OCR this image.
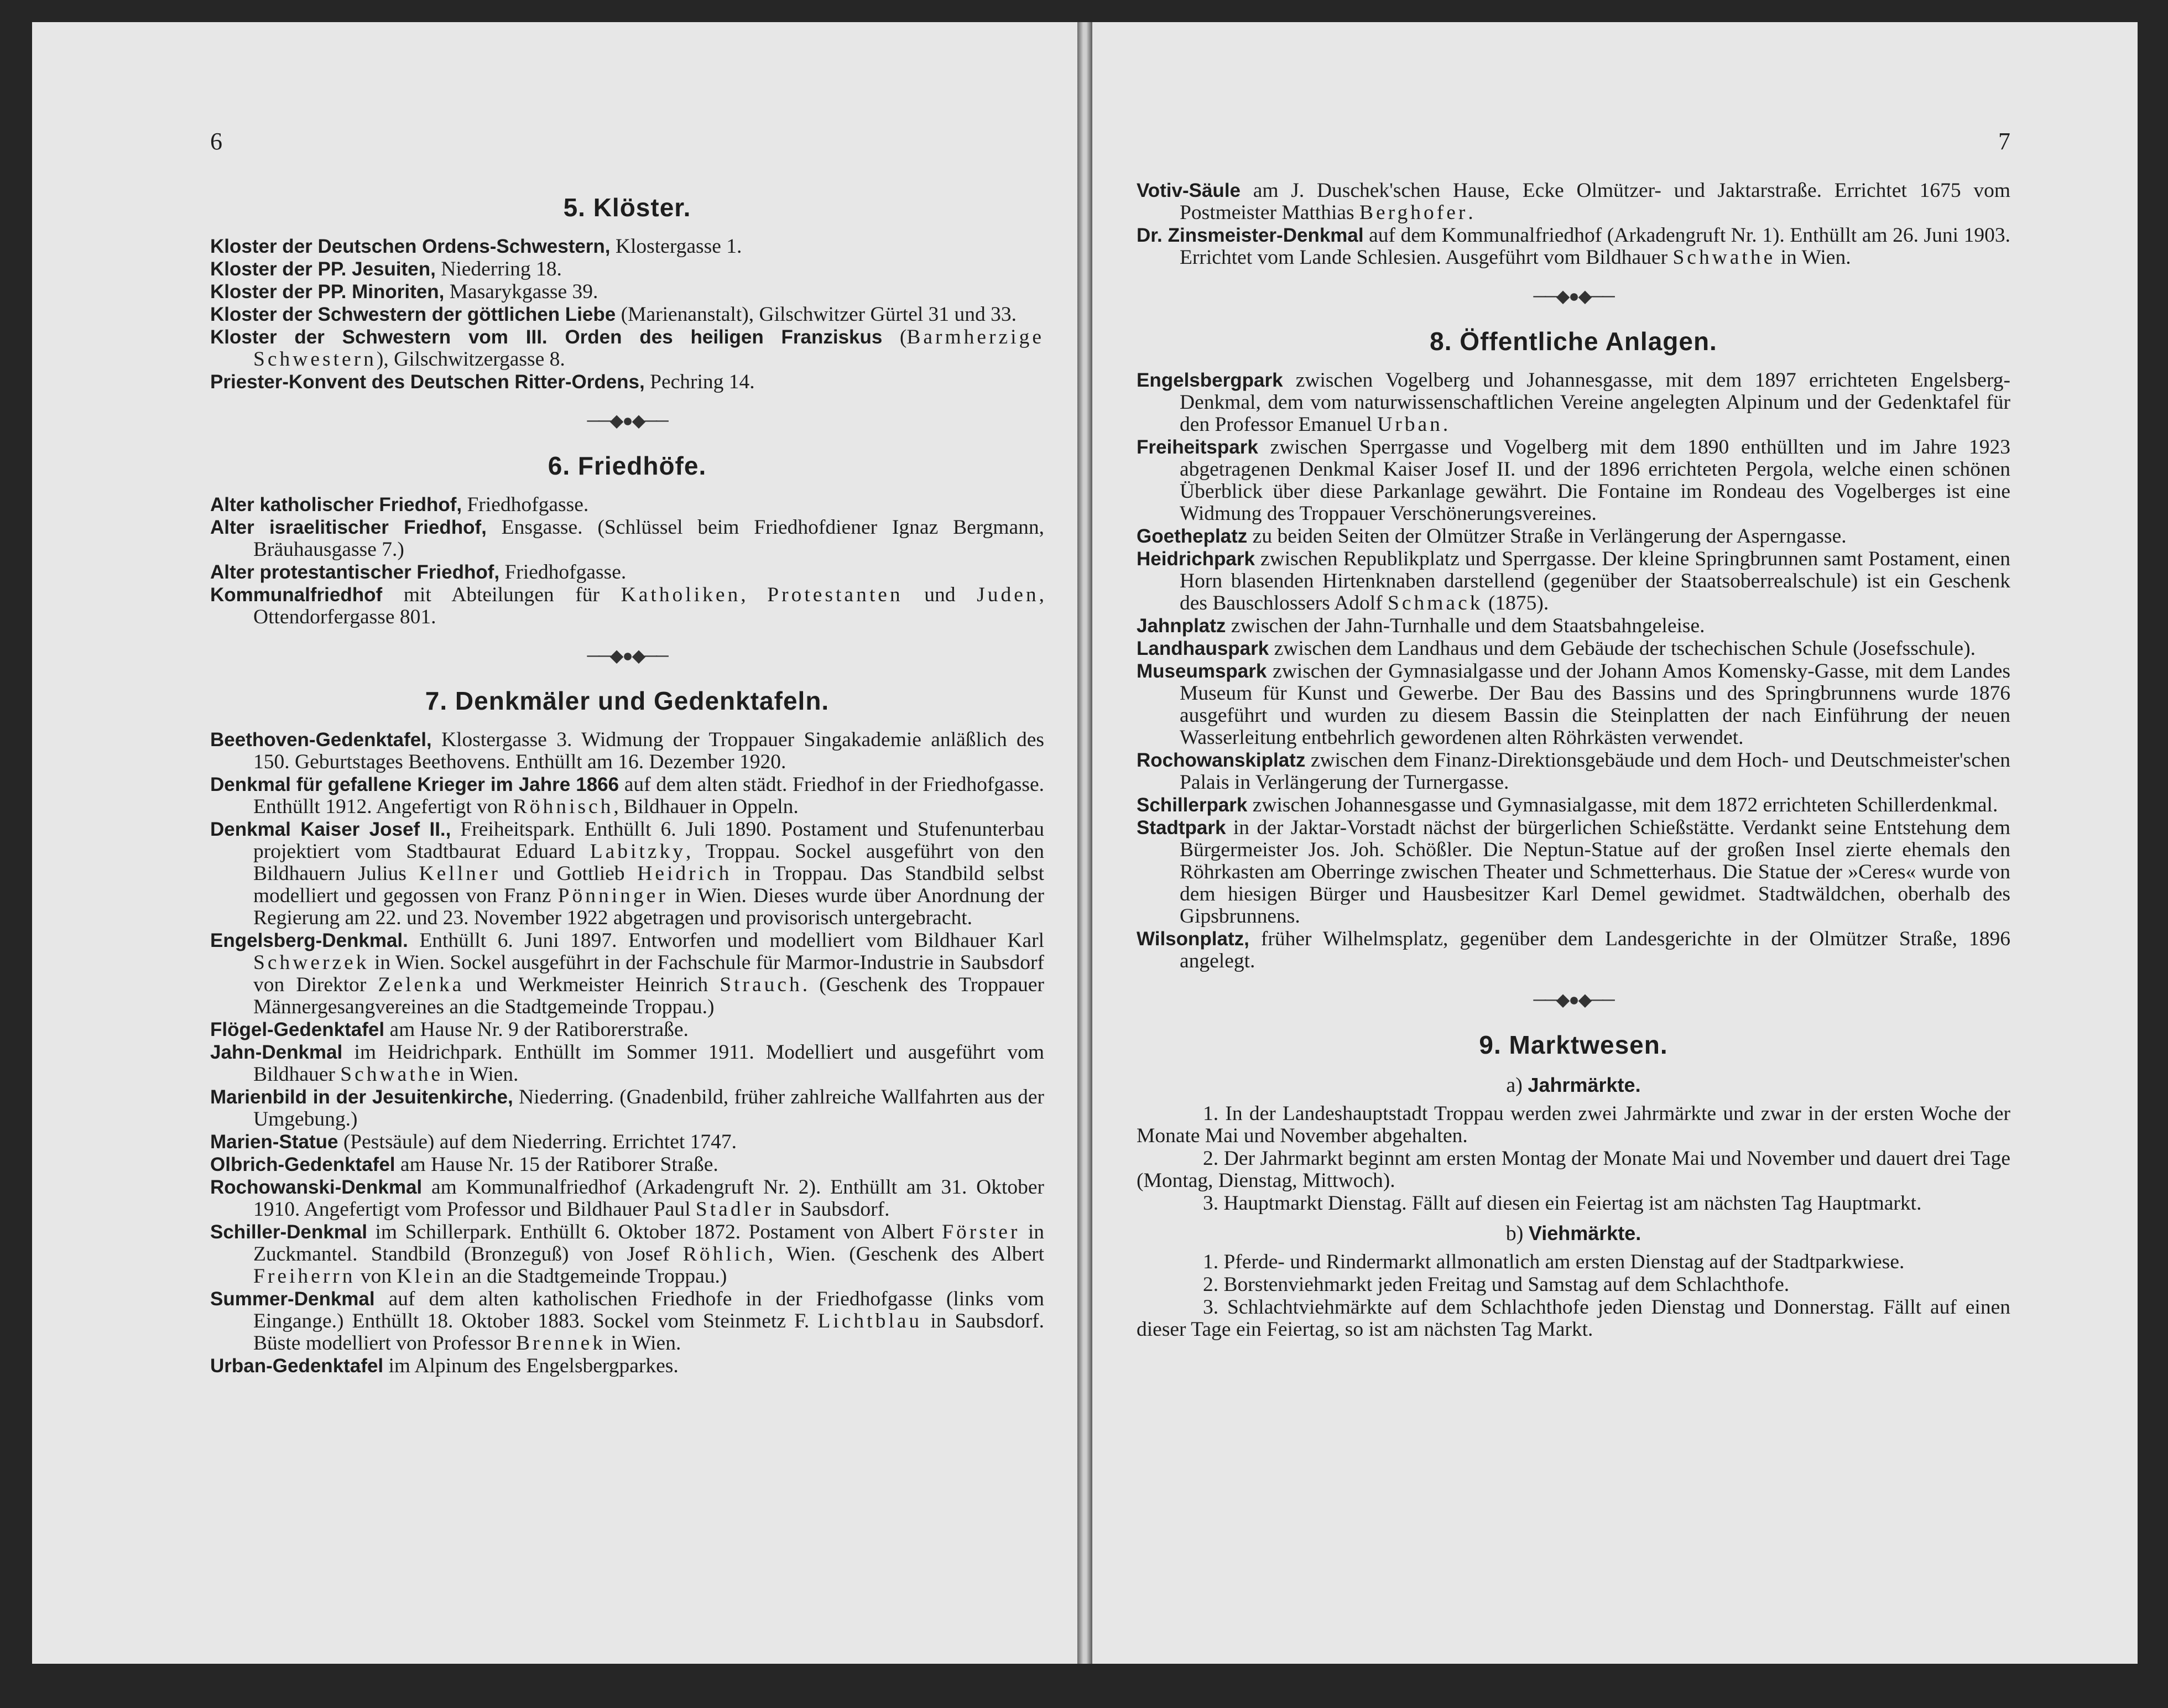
6
5. Klöster.

Kloster der Deutschen Ordens-Schwestern, Klostergasse 1.

Kloster der PP. Jesuiten, Niederring 18.

Kloster der PP. Minoriten, Masarykgasse 39.

Kloster der Schwestern der göttlichen Liebe (Marienanstalt), Gilschwitzer Gürtel 31 und 33.

Kloster der Schwestern vom III. Orden des heiligen Franziskus (Barmherzige Schwestern), Gilschwitzergasse 8.

Priester-Konvent des Deutschen Ritter-Ordens, Pechring 14.

──◆●◆──
6. Friedhöfe.

Alter katholischer Friedhof, Friedhofgasse.

Alter israelitischer Friedhof, Ensgasse. (Schlüssel beim Friedhofdiener Ignaz Bergmann, Bräuhausgasse 7.)

Alter protestantischer Friedhof, Friedhofgasse.

Kommunalfriedhof mit Abteilungen für Katholiken, Protestanten und Juden, Ottendorfergasse 801.

──◆●◆──
7. Denkmäler und Gedenktafeln.

Beethoven-Gedenktafel, Klostergasse 3. Widmung der Troppauer Singakademie anläßlich des 150. Geburtstages Beethovens. Enthüllt am 16. Dezember 1920.

Denkmal für gefallene Krieger im Jahre 1866 auf dem alten städt. Friedhof in der Friedhofgasse. Enthüllt 1912. Angefertigt von Röhnisch, Bildhauer in Oppeln.

Denkmal Kaiser Josef II., Freiheitspark. Enthüllt 6. Juli 1890. Postament und Stufenunterbau projektiert vom Stadtbaurat Eduard Labitzky, Troppau. Sockel ausgeführt von den Bildhauern Julius Kellner und Gottlieb Heidrich in Troppau. Das Standbild selbst modelliert und gegossen von Franz Pönninger in Wien. Dieses wurde über Anordnung der Regierung am 22. und 23. November 1922 abgetragen und provisorisch untergebracht.

Engelsberg-Denkmal. Enthüllt 6. Juni 1897. Entworfen und modelliert vom Bildhauer Karl Schwerzek in Wien. Sockel ausgeführt in der Fachschule für Marmor-Industrie in Saubsdorf von Direktor Zelenka und Werkmeister Heinrich Strauch. (Geschenk des Troppauer Männergesangvereines an die Stadtgemeinde Troppau.)

Flögel-Gedenktafel am Hause Nr. 9 der Ratiborerstraße.

Jahn-Denkmal im Heidrichpark. Enthüllt im Sommer 1911. Modelliert und ausgeführt vom Bildhauer Schwathe in Wien.

Marienbild in der Jesuitenkirche, Niederring. (Gnadenbild, früher zahlreiche Wallfahrten aus der Umgebung.)

Marien-Statue (Pestsäule) auf dem Niederring. Errichtet 1747.

Olbrich-Gedenktafel am Hause Nr. 15 der Ratiborer Straße.

Rochowanski-Denkmal am Kommunalfriedhof (Arkadengruft Nr. 2). Enthüllt am 31. Oktober 1910. Angefertigt vom Professor und Bildhauer Paul Stadler in Saubsdorf.

Schiller-Denkmal im Schillerpark. Enthüllt 6. Oktober 1872. Postament von Albert Förster in Zuckmantel. Standbild (Bronzeguß) von Josef Röhlich, Wien. (Geschenk des Albert Freiherrn von Klein an die Stadtgemeinde Troppau.)

Summer-Denkmal auf dem alten katholischen Friedhofe in der Friedhofgasse (links vom Eingange.) Enthüllt 18. Oktober 1883. Sockel vom Steinmetz F. Lichtblau in Saubsdorf. Büste modelliert von Professor Brennek in Wien.

Urban-Gedenktafel im Alpinum des Engelsbergparkes.

7

Votiv-Säule am J. Duschek'schen Hause, Ecke Olmützer- und Jaktarstraße. Errichtet 1675 vom Postmeister Matthias Berghofer.

Dr. Zinsmeister-Denkmal auf dem Kommunalfriedhof (Arkadengruft Nr. 1). Enthüllt am 26. Juni 1903. Errichtet vom Lande Schlesien. Ausgeführt vom Bildhauer Schwathe in Wien.

──◆●◆──
8. Öffentliche Anlagen.

Engelsbergpark zwischen Vogelberg und Johannesgasse, mit dem 1897 errichteten Engelsberg-Denkmal, dem vom naturwissenschaftlichen Vereine angelegten Alpinum und der Gedenktafel für den Professor Emanuel Urban.

Freiheitspark zwischen Sperrgasse und Vogelberg mit dem 1890 enthüllten und im Jahre 1923 abgetragenen Denkmal Kaiser Josef II. und der 1896 errichteten Pergola, welche einen schönen Überblick über diese Parkanlage gewährt. Die Fontaine im Rondeau des Vogelberges ist eine Widmung des Troppauer Verschönerungsvereines.

Goetheplatz zu beiden Seiten der Olmützer Straße in Verlängerung der Asperngasse.

Heidrichpark zwischen Republikplatz und Sperrgasse. Der kleine Springbrunnen samt Postament, einen Horn blasenden Hirtenknaben darstellend (gegenüber der Staatsoberrealschule) ist ein Geschenk des Bauschlossers Adolf Schmack (1875).

Jahnplatz zwischen der Jahn-Turnhalle und dem Staatsbahngeleise.

Landhauspark zwischen dem Landhaus und dem Gebäude der tschechischen Schule (Josefsschule).

Museumspark zwischen der Gymnasialgasse und der Johann Amos Komensky-Gasse, mit dem Landes Museum für Kunst und Gewerbe. Der Bau des Bassins und des Springbrunnens wurde 1876 ausgeführt und wurden zu diesem Bassin die Steinplatten der nach Einführung der neuen Wasserleitung entbehrlich gewordenen alten Röhrkästen verwendet.

Rochowanskiplatz zwischen dem Finanz-Direktionsgebäude und dem Hoch- und Deutschmeister'schen Palais in Verlängerung der Turnergasse.

Schillerpark zwischen Johannesgasse und Gymnasialgasse, mit dem 1872 errichteten Schillerdenkmal.

Stadtpark in der Jaktar-Vorstadt nächst der bürgerlichen Schießstätte. Verdankt seine Entstehung dem Bürgermeister Jos. Joh. Schößler. Die Neptun-Statue auf der großen Insel zierte ehemals den Röhrkasten am Oberringe zwischen Theater und Schmetterhaus. Die Statue der »Ceres« wurde von dem hiesigen Bürger und Hausbesitzer Karl Demel gewidmet. Stadtwäldchen, oberhalb des Gipsbrunnens.

Wilsonplatz, früher Wilhelmsplatz, gegenüber dem Landesgerichte in der Olmützer Straße, 1896 angelegt.

──◆●◆──
9. Marktwesen.
a) Jahrmärkte.

1. In der Landeshauptstadt Troppau werden zwei Jahrmärkte und zwar in der ersten Woche der Monate Mai und November abgehalten.

2. Der Jahrmarkt beginnt am ersten Montag der Monate Mai und November und dauert drei Tage (Montag, Dienstag, Mittwoch).

3. Hauptmarkt Dienstag. Fällt auf diesen ein Feiertag ist am nächsten Tag Hauptmarkt.

b) Viehmärkte.

1. Pferde- und Rindermarkt allmonatlich am ersten Dienstag auf der Stadtparkwiese.

2. Borstenviehmarkt jeden Freitag und Samstag auf dem Schlachthofe.

3. Schlachtviehmärkte auf dem Schlachthofe jeden Dienstag und Donnerstag. Fällt auf einen dieser Tage ein Feiertag, so ist am nächsten Tag Markt.
